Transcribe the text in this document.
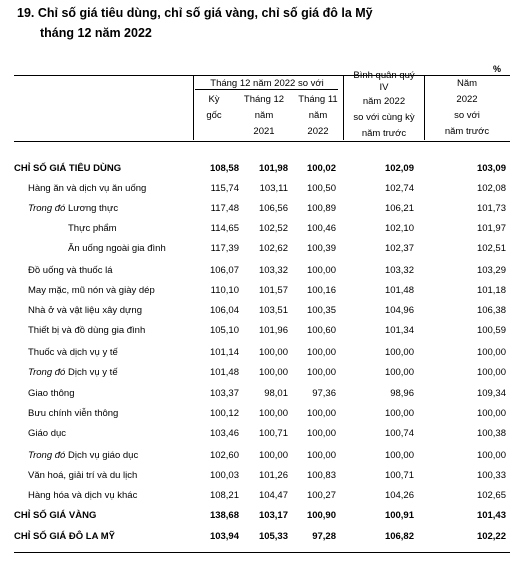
19. Chỉ số giá tiêu dùng, chỉ số giá vàng, chỉ số giá đô la Mỹ
tháng 12 năm 2022
%
Tháng 12 năm 2022 so với
Kỳ
gốc
Tháng 12
năm
2021
Tháng 11
năm
2022
Bình quân quý
IV
năm 2022
so với cùng kỳ
năm trước
Năm
2022
so với
năm trước
CHỈ SỐ GIÁ TIÊU DÙNG	108,58	101,98	100,02	102,09	103,09
Hàng ăn và dịch vụ ăn uống	115,74	103,11	100,50	102,74	102,08
Trong đó Lương thực	117,48	106,56	100,89	106,21	101,73
Thực phẩm	114,65	102,52	100,46	102,10	101,97
Ăn uống ngoài gia đình	117,39	102,62	100,39	102,37	102,51
Đồ uống và thuốc lá	106,07	103,32	100,00	103,32	103,29
May mặc, mũ nón và giày dép	110,10	101,57	100,16	101,48	101,18
Nhà ở và vật liệu xây dựng	106,04	103,51	100,35	104,96	106,38
Thiết bị và đồ dùng gia đình	105,10	101,96	100,60	101,34	100,59
Thuốc và dịch vụ y tế	101,14	100,00	100,00	100,00	100,00
Trong đó Dịch vụ y tế	101,48	100,00	100,00	100,00	100,00
Giao thông	103,37	98,01	97,36	98,96	109,34
Bưu chính viễn thông	100,12	100,00	100,00	100,00	100,00
Giáo dục	103,46	100,71	100,00	100,74	100,38
Trong đó Dịch vụ giáo dục	102,60	100,00	100,00	100,00	100,00
Văn hoá, giải trí và du lịch	100,03	101,26	100,83	100,71	100,33
Hàng hóa và dịch vụ khác	108,21	104,47	100,27	104,26	102,65
CHỈ SỐ GIÁ VÀNG	138,68	103,17	100,90	100,91	101,43
CHỈ SỐ GIÁ ĐÔ LA MỸ	103,94	105,33	97,28	106,82	102,22
